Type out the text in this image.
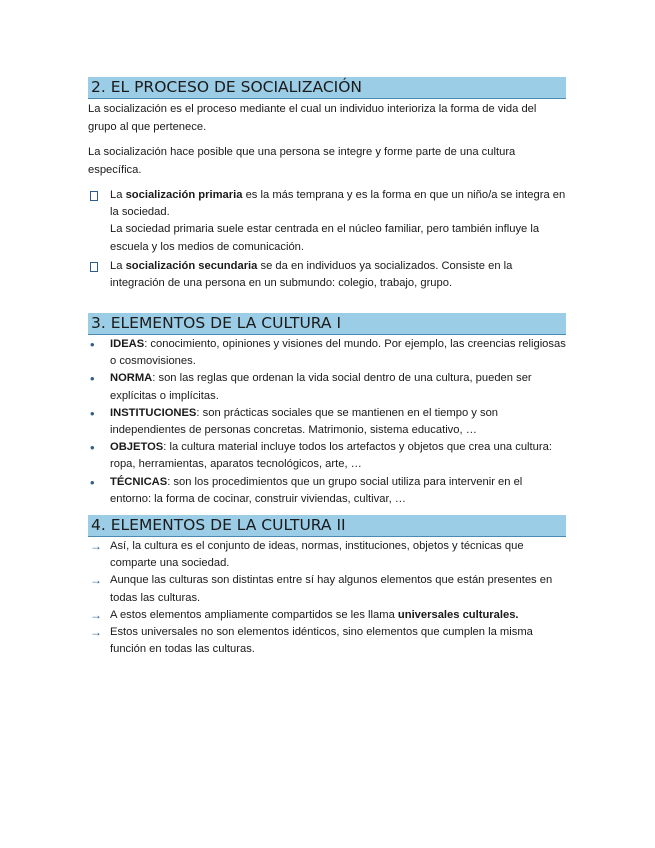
2. EL PROCESO DE SOCIALIZACIÓN

La socialización es el proceso mediante el cual un individuo interioriza la forma de vida del grupo al que pertenece.

La socialización hace posible que una persona se integre y forme parte de una cultura específica.

La socialización primaria es la más temprana y es la forma en que un niño/a se integra en la sociedad.
La sociedad primaria suele estar centrada en el núcleo familiar, pero también influye la escuela y los medios de comunicación.
La socialización secundaria se da en individuos ya socializados. Consiste en la integración de una persona en un submundo: colegio, trabajo, grupo.
3. ELEMENTOS DE LA CULTURA I
•	IDEAS: conocimiento, opiniones y visiones del mundo. Por ejemplo, las creencias religiosas o cosmovisiones.
•	NORMA: son las reglas que ordenan la vida social dentro de una cultura, pueden ser explícitas o implícitas.
•	INSTITUCIONES: son prácticas sociales que se mantienen en el tiempo y son independientes de personas concretas. Matrimonio, sistema educativo, …
•	OBJETOS: la cultura material incluye todos los artefactos y objetos que crea una cultura: ropa, herramientas, aparatos tecnológicos, arte, …
•	TÉCNICAS: son los procedimientos que un grupo social utiliza para intervenir en el entorno: la forma de cocinar, construir viviendas, cultivar, …
4. ELEMENTOS DE LA CULTURA II
→ Así, la cultura es el conjunto de ideas, normas, instituciones, objetos y técnicas que comparte una sociedad.
→ Aunque las culturas son distintas entre sí hay algunos elementos que están presentes en todas las culturas.
→ A estos elementos ampliamente compartidos se les llama universales culturales.
→ Estos universales no son elementos idénticos, sino elementos que cumplen la misma función en todas las culturas.
